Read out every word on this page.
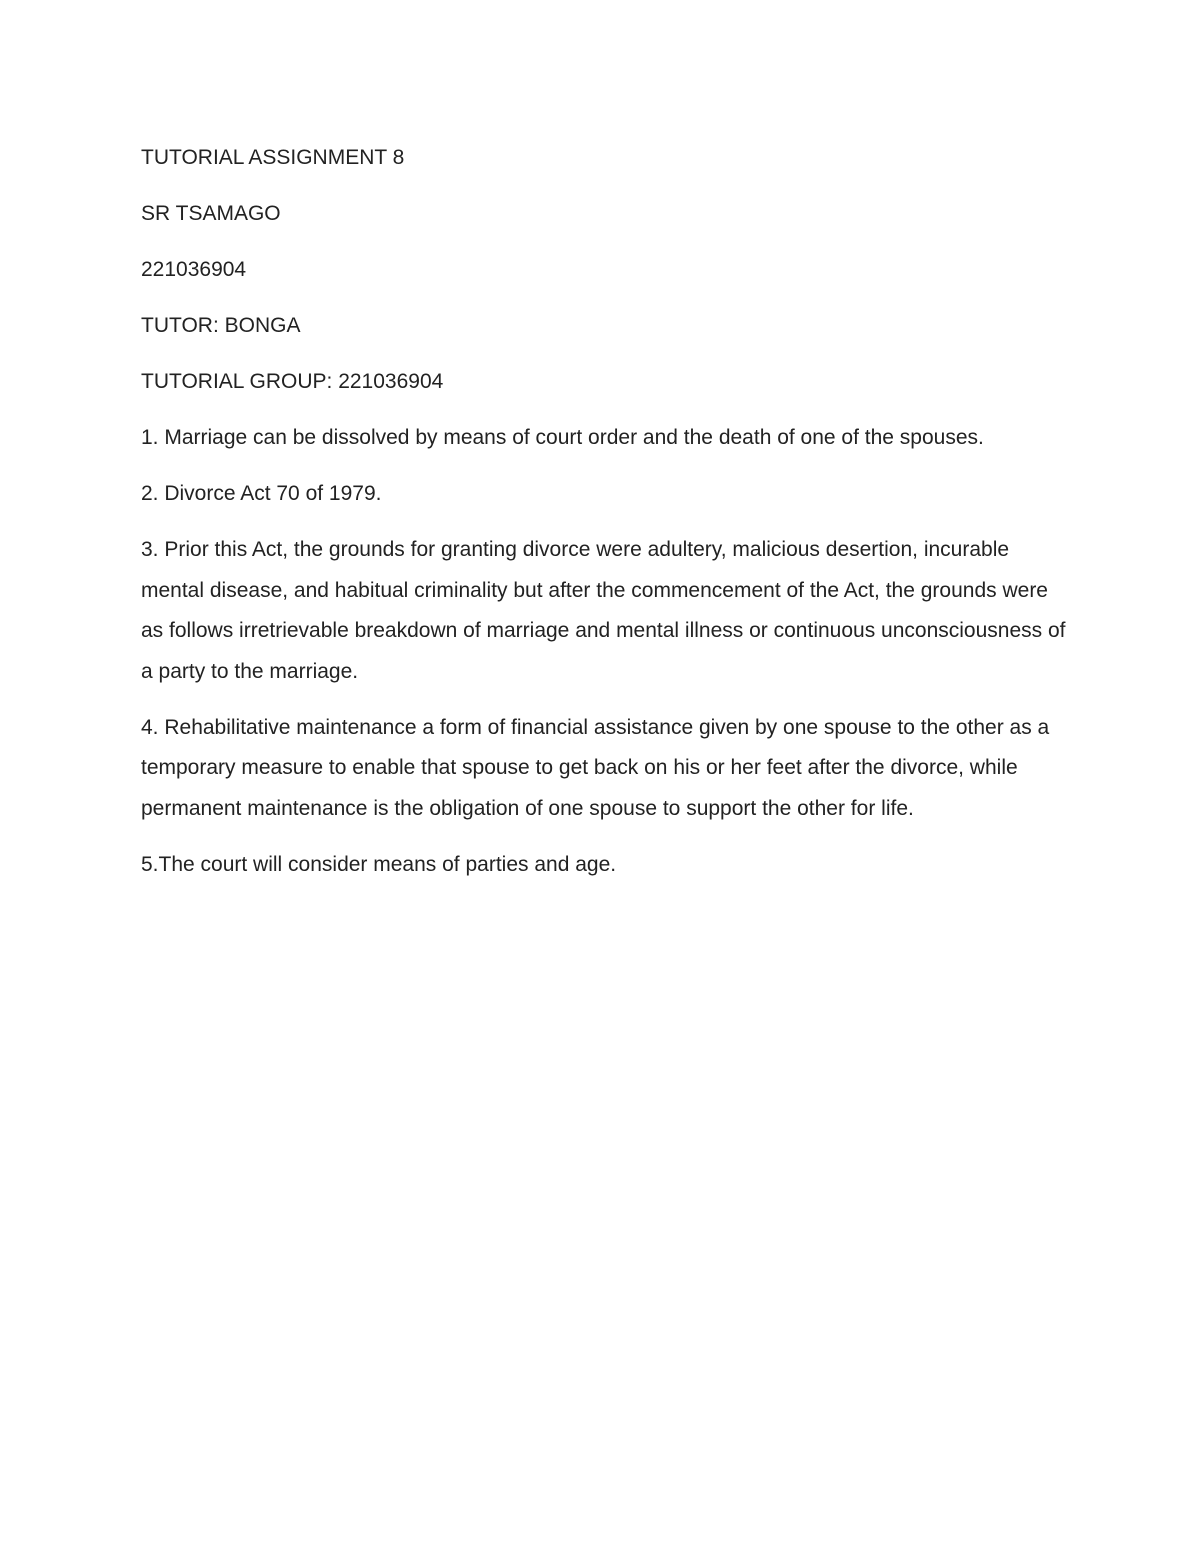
TUTORIAL ASSIGNMENT 8

SR TSAMAGO

221036904

TUTOR: BONGA

TUTORIAL GROUP: 221036904

1. Marriage can be dissolved by means of court order and the death of one of the spouses.

2. Divorce Act 70 of 1979.

3. Prior this Act, the grounds for granting divorce were adultery, malicious desertion, incurable mental disease, and habitual criminality but after the commencement of the Act, the grounds were as follows irretrievable breakdown of marriage and mental illness or continuous unconsciousness of a party to the marriage.

4. Rehabilitative maintenance a form of financial assistance given by one spouse to the other as a temporary measure to enable that spouse to get back on his or her feet after the divorce, while permanent maintenance is the obligation of one spouse to support the other for life.

5.The court will consider means of parties and age.
